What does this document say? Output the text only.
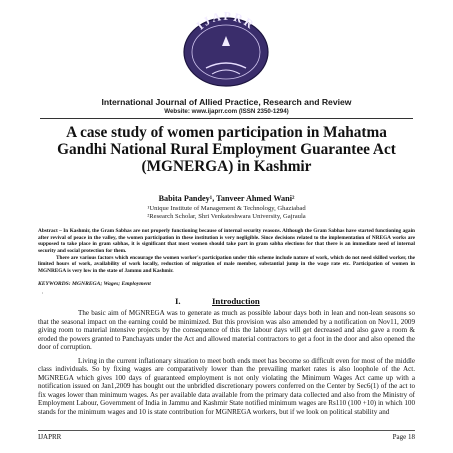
IJAPRR
International Journal of Allied Practice, Research and Review
Website: www.ijaprr.com (ISSN 2350-1294)
A case study of women participation in Mahatma
Gandhi National Rural Employment Guarantee Act
(MGNERGA) in Kashmir
Babita Pandey¹, Tanveer Ahmed Wani²
¹Unique Institute of Management & Technology, Ghaziabad
²Research Scholar, Shri Venkateshwara University, Gajraula

Abstract – In Kashmir, the Gram Sabhas are not properly functioning because of internal security reasons. Although the Gram Sabhas have started functioning again after revival of peace in the valley, the women participation in these institution is very negligible. Since decisions related to the implementation of NREGA works are supposed to take place in gram sabhas, it is significant that most women should take part in gram sabha elections for that there is an immediate need of internal security and social protection for them.

There are various factors which encourage the women worker's participation under this scheme include nature of work, which do not need skilled worker, the limited hours of work, availability of work locally, reduction of migration of male member, substantial jump in the wage rate etc. Participation of women in MGNREGA is very low in the state of Jammu and Kashmir.

KEYWORDS: MGNREGA; Wages; Employment
,
I.	Introduction

The basic aim of MGNREGA was to generate as much as possible labour days both in lean and non-lean seasons so that the seasonal impact on the earning could be minimized. But this provision was also amended by a notification on Nov11, 2009 giving room to material intensive projects by the consequence of this the labour days will get decreased and also gave a room & eroded the powers granted to Panchayats under the Act and allowed material contractors to get a foot in the door and also opened the door of corruption.

Living in the current inflationary situation to meet both ends meet has become so difficult even for most of the middle class individuals. So by fixing wages are comparatively lower than the prevailing market rates is also loophole of the Act. MGNREGA which gives 100 days of guaranteed employment is not only violating the Minimum Wages Act came up with a notification issued on Jan1,2009 has bought out the unbridled discretionary powers conferred on the Center by Sec6(1) of the act to fix wages lower than minimum wages. As per available data available from the primary data collected and also from the Ministry of Employment Labour, Government of India in Jammu and Kashmir State notified minimum wages are Rs110 (100 +10) in which 100 stands for the minimum wages and 10 is state contribution for MGNREGA workers, but if we look on political stability and

IJAPRR	Page 18
